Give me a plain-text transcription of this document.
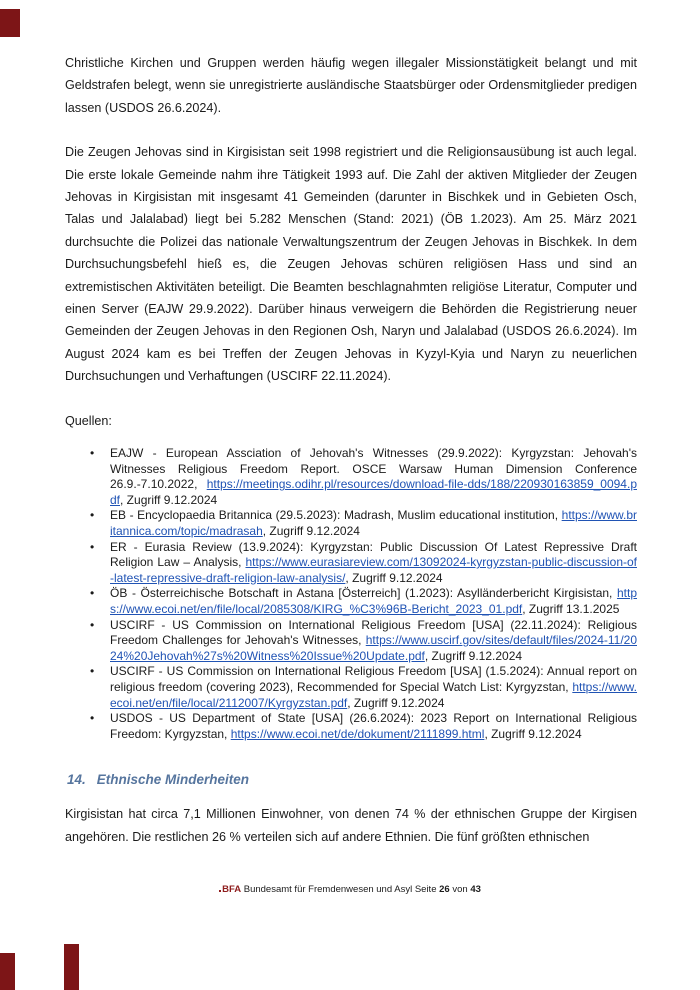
Christliche Kirchen und Gruppen werden häufig wegen illegaler Missionstätigkeit belangt und mit Geldstrafen belegt, wenn sie unregistrierte ausländische Staatsbürger oder Ordensmitglieder predigen lassen (USDOS 26.6.2024).

Die Zeugen Jehovas sind in Kirgisistan seit 1998 registriert und die Religionsausübung ist auch legal. Die erste lokale Gemeinde nahm ihre Tätigkeit 1993 auf. Die Zahl der aktiven Mitglieder der Zeugen Jehovas in Kirgisistan mit insgesamt 41 Gemeinden (darunter in Bischkek und in Gebieten Osch, Talas und Jalalabad) liegt bei 5.282 Menschen (Stand: 2021) (ÖB 1.2023). Am 25. März 2021 durchsuchte die Polizei das nationale Verwaltungszentrum der Zeugen Jehovas in Bischkek. In dem Durchsuchungsbefehl hieß es, die Zeugen Jehovas schüren religiösen Hass und sind an extremistischen Aktivitäten beteiligt. Die Beamten beschlagnahmten religiöse Literatur, Computer und einen Server (EAJW 29.9.2022). Darüber hinaus verweigern die Behörden die Registrierung neuer Gemeinden der Zeugen Jehovas in den Regionen Osh, Naryn und Jalalabad (USDOS 26.6.2024). Im August 2024 kam es bei Treffen der Zeugen Jehovas in Kyzyl-Kyia und Naryn zu neuerlichen Durchsuchungen und Verhaftungen (USCIRF 22.11.2024).

Quellen:

• EAJW - European Assciation of Jehovah's Witnesses (29.9.2022): Kyrgyzstan: Jehovah's Witnesses Religious Freedom Report. OSCE Warsaw Human Dimension Conference 26.9.-7.10.2022, https://meetings.odihr.pl/resources/download-file-dds/188/220930163859_0094.pdf, Zugriff 9.12.2024
• EB - Encyclopaedia Britannica (29.5.2023): Madrash, Muslim educational institution, https://www.britannica.com/topic/madrasah, Zugriff 9.12.2024
• ER - Eurasia Review (13.9.2024): Kyrgyzstan: Public Discussion Of Latest Repressive Draft Religion Law – Analysis, https://www.eurasiareview.com/13092024-kyrgyzstan-public-discussion-of-latest-repressive-draft-religion-law-analysis/, Zugriff 9.12.2024
• ÖB - Österreichische Botschaft in Astana [Österreich] (1.2023): Asylländerbericht Kirgisistan, https://www.ecoi.net/en/file/local/2085308/KIRG_%C3%96B-Bericht_2023_01.pdf, Zugriff 13.1.2025
• USCIRF - US Commission on International Religious Freedom [USA] (22.11.2024): Religious Freedom Challenges for Jehovah's Witnesses, https://www.uscirf.gov/sites/default/files/2024-11/2024%20Jehovah%27s%20Witness%20Issue%20Update.pdf, Zugriff 9.12.2024
• USCIRF - US Commission on International Religious Freedom [USA] (1.5.2024): Annual report on religious freedom (covering 2023), Recommended for Special Watch List: Kyrgyzstan, https://www.ecoi.net/en/file/local/2112007/Kyrgyzstan.pdf, Zugriff 9.12.2024
• USDOS - US Department of State [USA] (26.6.2024): 2023 Report on International Religious Freedom: Kyrgyzstan, https://www.ecoi.net/de/dokument/2111899.html, Zugriff 9.12.2024
14. Ethnische Minderheiten

Kirgisistan hat circa 7,1 Millionen Einwohner, von denen 74 % der ethnischen Gruppe der Kirgisen angehören. Die restlichen 26 % verteilen sich auf andere Ethnien. Die fünf größten ethnischen

BFA Bundesamt für Fremdenwesen und Asyl Seite 26 von 43
